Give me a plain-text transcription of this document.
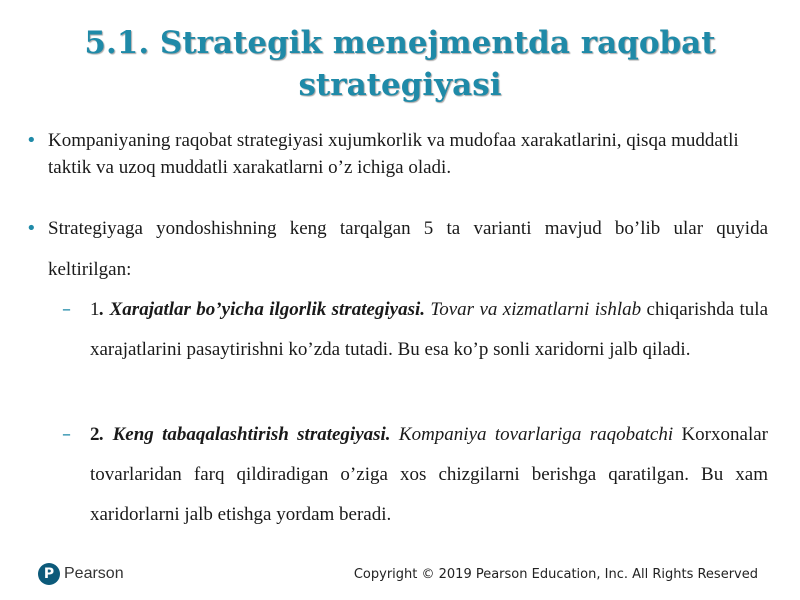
5.1. Strategik menejmentda raqobat strategiyasi
• Kompaniyaning raqobat strategiyasi xujumkorlik va mudofaa xarakatlarini, qisqa muddatli taktik va uzoq muddatli xarakatlarni o’z ichiga oladi.
• Strategiyaga yondoshishning keng tarqalgan 5 ta varianti mavjud bo’lib ular quyida keltirilgan:
– 1. Xarajatlar bo’yicha ilgorlik strategiyasi. Tovar va xizmatlarni ishlab chiqarishda tula xarajatlarini pasaytirishni ko’zda tutadi. Bu esa ko’p sonli xaridorni jalb qiladi.
– 2. Keng tabaqalashtirish strategiyasi. Kompaniya tovarlariga raqobatchi Korxonalar tovarlaridan farq qildiradigan o’ziga xos chizgilarni berishga qaratilgan. Bu xam xaridorlarni jalb etishga yordam beradi.
P Pearson	Copyright © 2019 Pearson Education, Inc. All Rights Reserved
